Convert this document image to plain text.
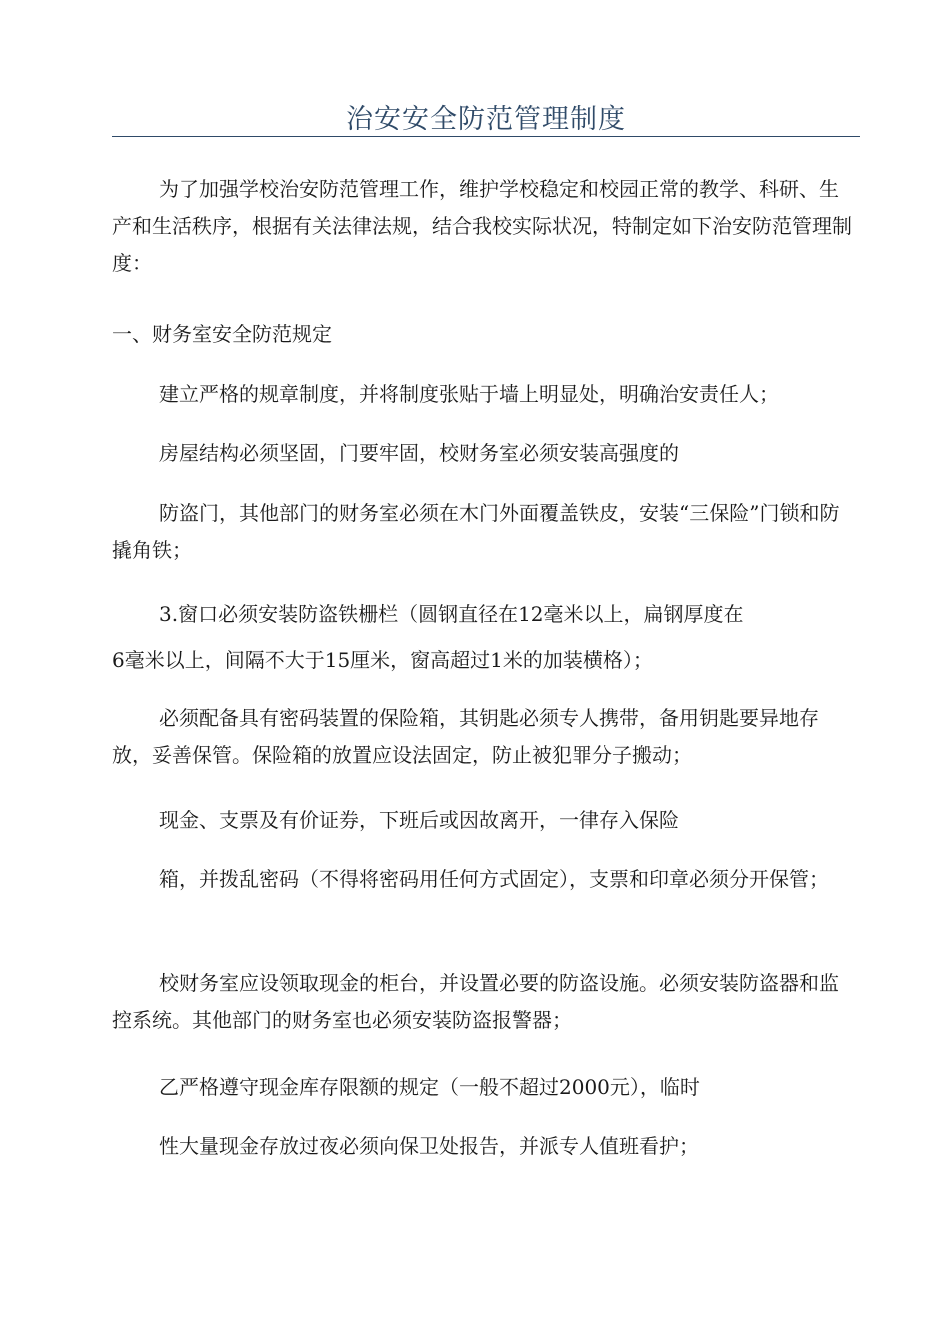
治安安全防范管理制度

为了加强学校治安防范管理工作，维护学校稳定和校园正常的教学、科研、生产和生活秩序，根据有关法律法规，结合我校实际状况，特制定如下治安防范管理制度：

一、财务室安全防范规定

建立严格的规章制度，并将制度张贴于墙上明显处，明确治安责任人；

房屋结构必须坚固，门要牢固，校财务室必须安装高强度的

防盗门，其他部门的财务室必须在木门外面覆盖铁皮，安装“三保险”门锁和防撬角铁；

3.窗口必须安装防盗铁栅栏（圆钢直径在12毫米以上，扁钢厚度在

6毫米以上，间隔不大于15厘米，窗高超过1米的加装横格）；

必须配备具有密码装置的保险箱，其钥匙必须专人携带，备用钥匙要异地存放，妥善保管。保险箱的放置应设法固定，防止被犯罪分子搬动；

现金、支票及有价证券，下班后或因故离开，一律存入保险

箱，并拨乱密码（不得将密码用任何方式固定），支票和印章必须分开保管；

校财务室应设领取现金的柜台，并设置必要的防盗设施。必须安装防盗器和监控系统。其他部门的财务室也必须安装防盗报警器；

乙严格遵守现金库存限额的规定（一般不超过2000元），临时

性大量现金存放过夜必须向保卫处报告，并派专人值班看护；
